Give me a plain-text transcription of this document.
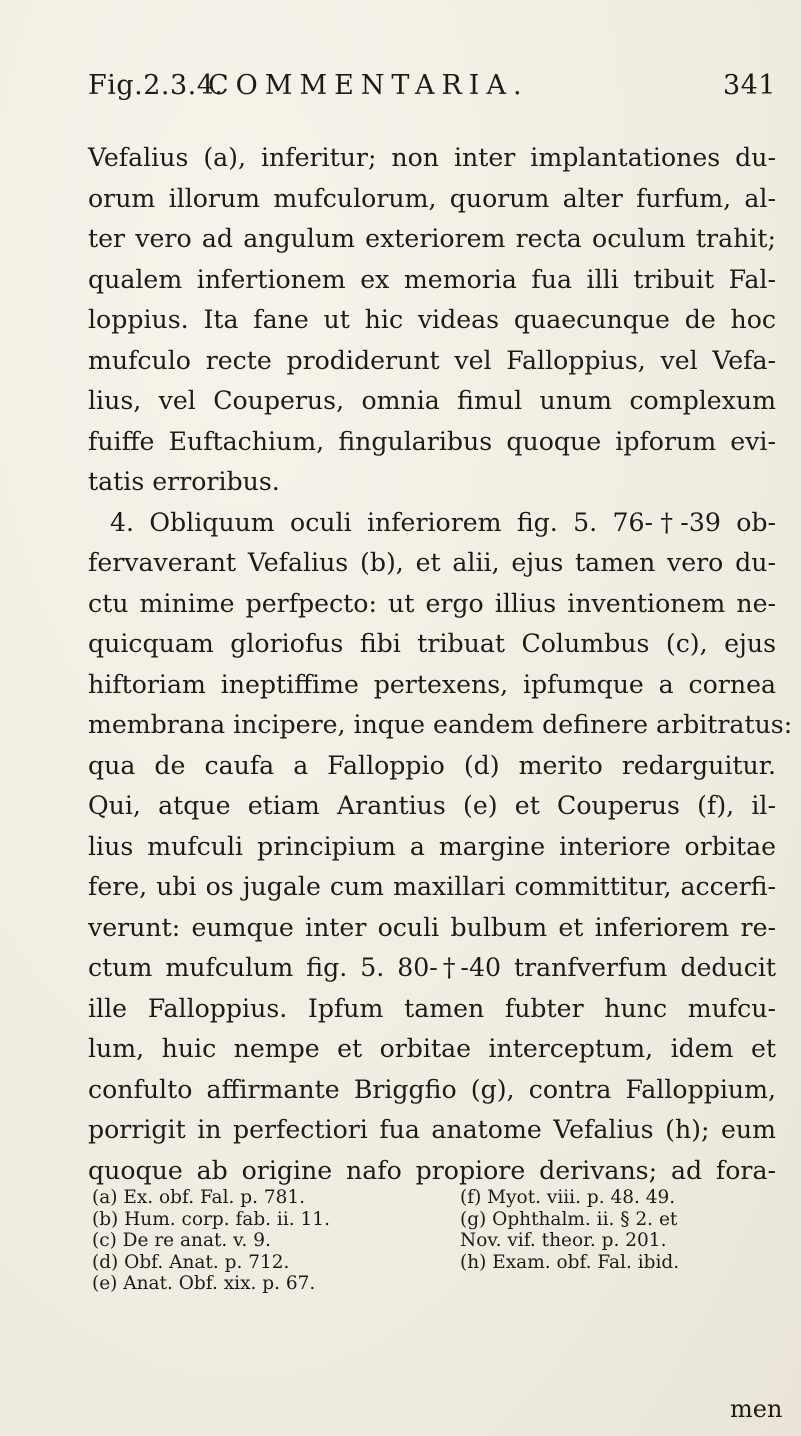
Fig.2.3.4.
COMMENTARIA.	341
Vefalius (a), inferitur; non inter implantationes du-
orum illorum mufculorum, quorum alter furfum, al-
ter vero ad angulum exteriorem recta oculum trahit;
qualem infertionem ex memoria fua illi tribuit Fal-
loppius. Ita fane ut hic videas quaecunque de hoc
mufculo recte prodiderunt vel Falloppius, vel Vefa-
lius, vel Couperus, omnia fimul unum complexum
fuiffe Euftachium, fingularibus quoque ipforum evi-
tatis erroribus.
4. Obliquum oculi inferiorem fig. 5. 76-†-39 ob-
fervaverant Vefalius (b), et alii, ejus tamen vero du-
ctu minime perfpecto: ut ergo illius inventionem ne-
quicquam gloriofus fibi tribuat Columbus (c), ejus
hiftoriam ineptiffime pertexens, ipfumque a cornea
membrana incipere, inque eandem definere arbitratus:
qua de caufa a Falloppio (d) merito redarguitur.
Qui, atque etiam Arantius (e) et Couperus (f), il-
lius mufculi principium a margine interiore orbitae
fere, ubi os jugale cum maxillari committitur, accerfi-
verunt: eumque inter oculi bulbum et inferiorem re-
ctum mufculum fig. 5. 80-†-40 tranfverfum deducit
ille Falloppius. Ipfum tamen fubter hunc mufcu-
lum, huic nempe et orbitae interceptum, idem et
confulto affirmante Briggfio (g), contra Falloppium,
porrigit in perfectiori fua anatome Vefalius (h); eum
quoque ab origine nafo propiore derivans; ad fora-
(a) Ex. obf. Fal. p. 781.
(b) Hum. corp. fab. ii. 11.
(c) De re anat. v. 9.
(d) Obf. Anat. p. 712.
(e) Anat. Obf. xix. p. 67.
(f) Myot. viii. p. 48. 49.
(g) Ophthalm. ii. § 2. et
Nov. vif. theor. p. 201.
(h) Exam. obf. Fal. ibid.
men
